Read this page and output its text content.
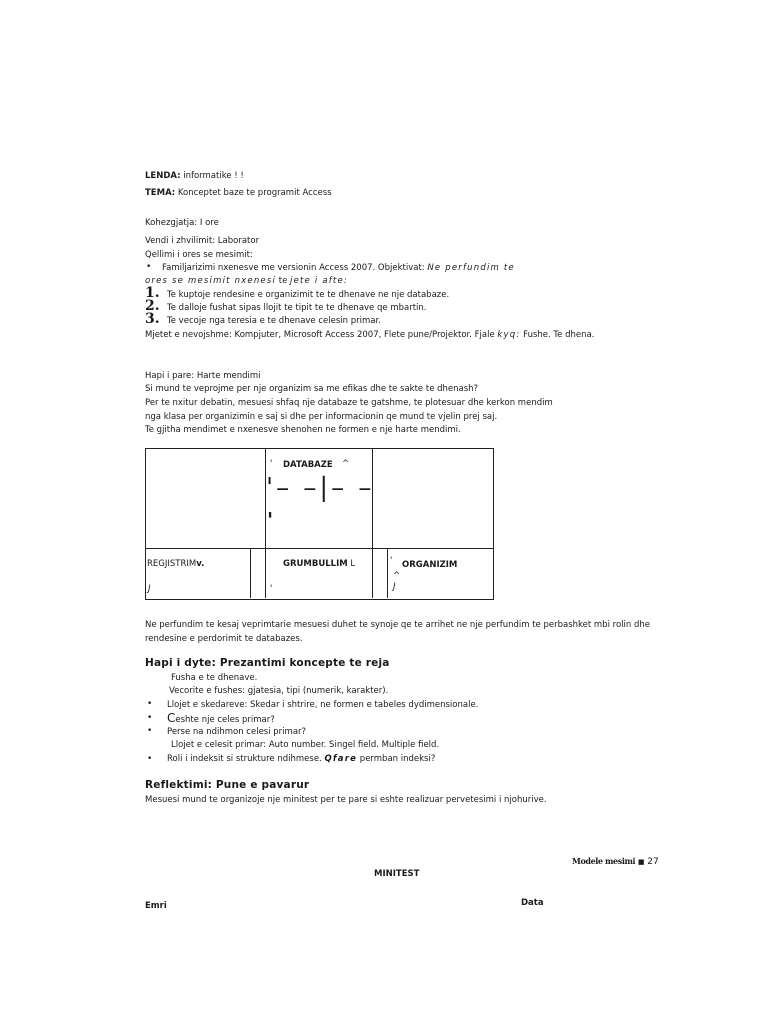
LENDA: informatike ! !
TEMA: Konceptet baze te programit Access
Kohezgjatja: I ore
Vendi i zhvilimit: Laborator
Qellimi i ores se mesimit:
• Familjarizimi nxenesve me versionin Access 2007. Objektivat: Ne perfundim te
ores se mesimit nxenesi te jete i afte:
1. Te kuptoje rendesine e organizimit te te dhenave ne nje databaze.
2. Te dalloje fushat sipas llojit te tipit te te dhenave qe mbartin.
3. Te vecoje nga teresia e te dhenave celesin primar.
Mjetet e nevojshme: Kompjuter, Microsoft Access 2007, Flete pune/Projektor. Fjale kyq: Fushe. Te dhena.
Hapi i pare: Harte mendimi
Si mund te veprojme per nje organizim sa me efikas dhe te sakte te dhenash?
Per te nxitur debatin, mesuesi shfaq nje databaze te gatshme, te plotesuar dhe kerkon mendim
nga klasa per organizimin e saj si dhe per informacionin qe mund te vjelin prej saj.
Te gjitha mendimet e nxenesve shenohen ne formen e nje harte mendimi.
' DATABAZE ^
'– –|– –
'
REGJISTRIMv.	GRUMBULLIM L	' ORGANIZIM
^
J	'	J
Ne perfundim te kesaj veprimtarie mesuesi duhet te synoje qe te arrihet ne nje perfundim te perbashket mbi rolin dhe
rendesine e perdorimit te databazes.
Hapi i dyte: Prezantimi koncepte te reja
Fusha e te dhenave.
Vecorite e fushes: gjatesia, tipi (numerik, karakter).
• Llojet e skedareve: Skedar i shtrire, ne formen e tabeles dydimensionale.
• Ceshte nje celes primar?
• Perse na ndihmon celesi primar?
Llojet e celesit primar: Auto number. Singel field. Multiple field.
• Roli i indeksit si strukture ndihmese. Qfare permban indeksi?
Reflektimi: Pune e pavarur
Mesuesi mund te organizoje nje minitest per te pare si eshte realizuar pervetesimi i njohurive.
Modele mesimi ■ 27
MINITEST
Emri	Data
